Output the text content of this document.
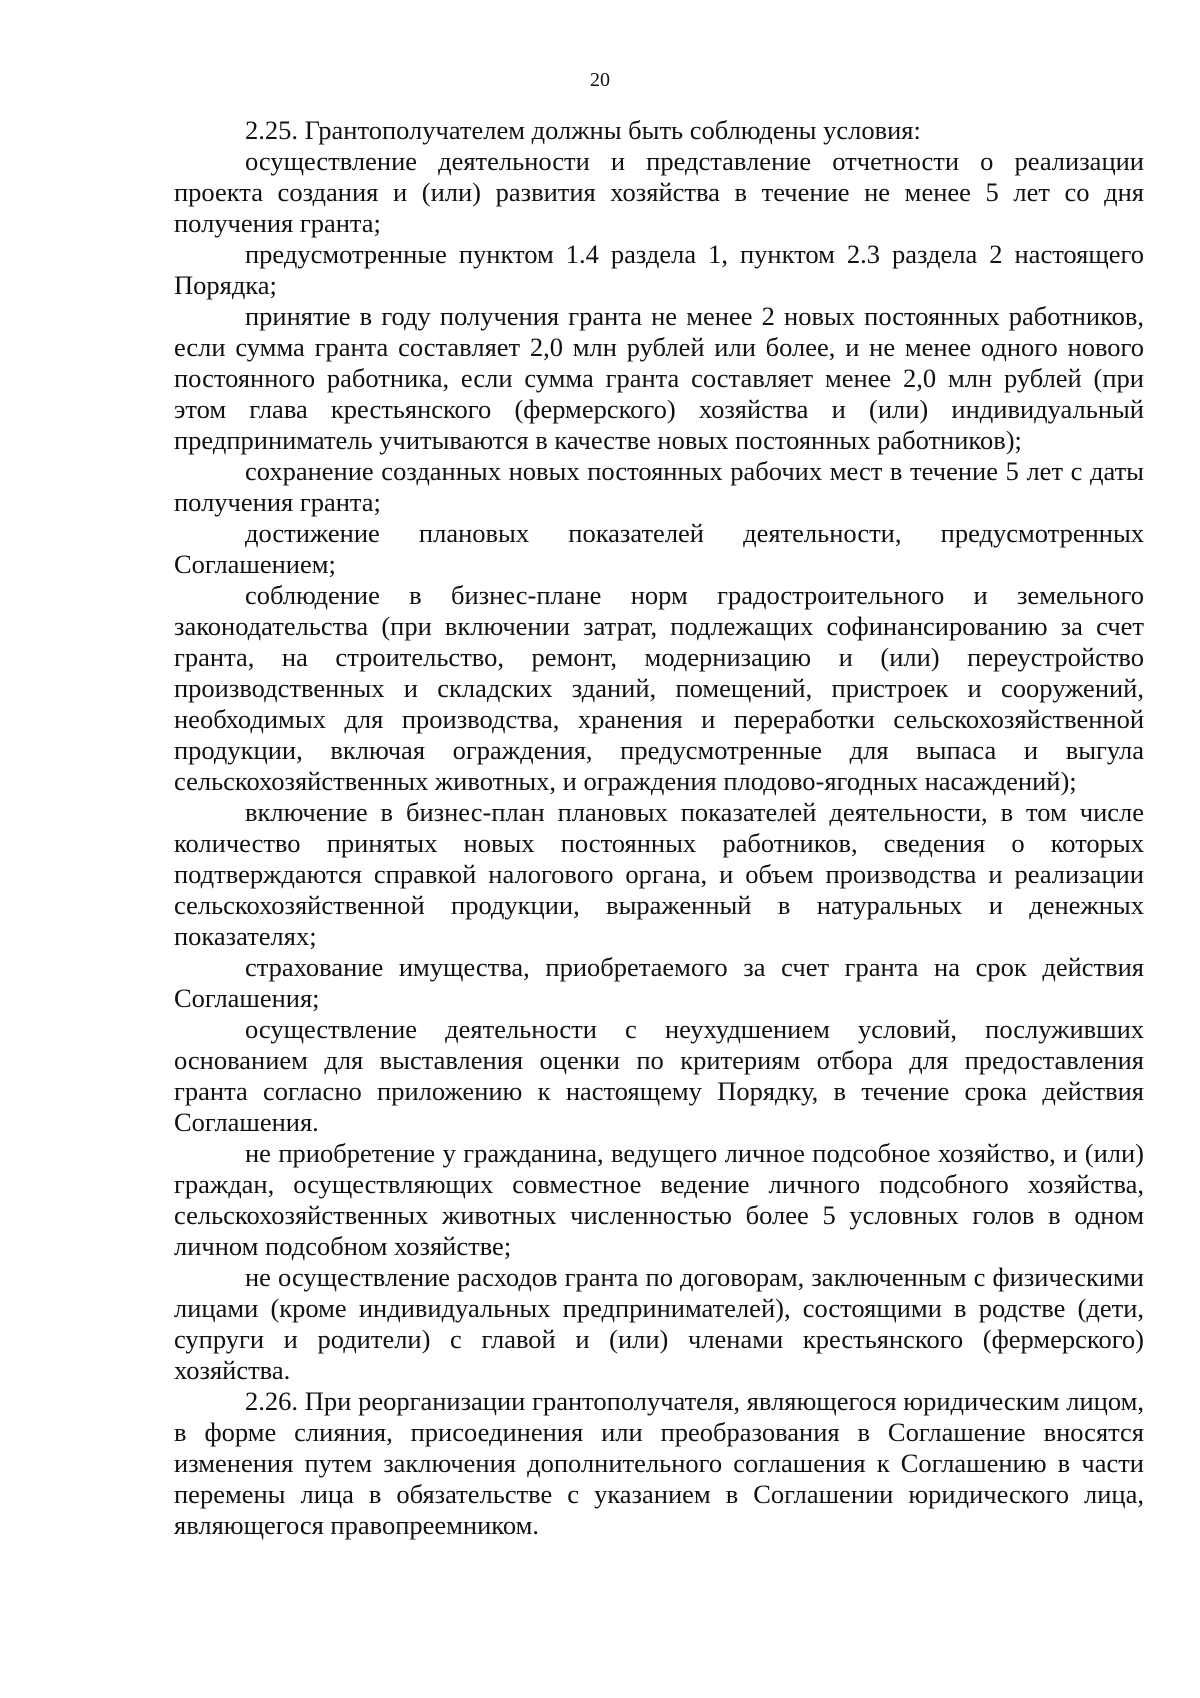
20

2.25. Грантополучателем должны быть соблюдены условия:

осуществление деятельности и представление отчетности о реализации проекта создания и (или) развития хозяйства в течение не менее 5 лет со дня получения гранта;

предусмотренные пунктом 1.4 раздела 1, пунктом 2.3 раздела 2 настоящего Порядка;

принятие в году получения гранта не менее 2 новых постоянных работников, если сумма гранта составляет 2,0 млн рублей или более, и не менее одного нового постоянного работника, если сумма гранта составляет менее 2,0 млн рублей (при этом глава крестьянского (фермерского) хозяйства и (или) индивидуальный предприниматель учитываются в качестве новых постоянных работников);

сохранение созданных новых постоянных рабочих мест в течение 5 лет с даты получения гранта;

достижение плановых показателей деятельности, предусмотренных Соглашением;

соблюдение в бизнес-плане норм градостроительного и земельного законодательства (при включении затрат, подлежащих софинансированию за счет гранта, на строительство, ремонт, модернизацию и (или) переустройство производственных и складских зданий, помещений, пристроек и сооружений, необходимых для производства, хранения и переработки сельскохозяйственной продукции, включая ограждения, предусмотренные для выпаса и выгула сельскохозяйственных животных, и ограждения плодово-ягодных насаждений);

включение в бизнес-план плановых показателей деятельности, в том числе количество принятых новых постоянных работников, сведения о которых подтверждаются справкой налогового органа, и объем производства и реализации сельскохозяйственной продукции, выраженный в натуральных и денежных показателях;

страхование имущества, приобретаемого за счет гранта на срок действия Соглашения;

осуществление деятельности с неухудшением условий, послуживших основанием для выставления оценки по критериям отбора для предоставления гранта согласно приложению к настоящему Порядку, в течение срока действия Соглашения.

не приобретение у гражданина, ведущего личное подсобное хозяйство, и (или) граждан, осуществляющих совместное ведение личного подсобного хозяйства, сельскохозяйственных животных численностью более 5 условных голов в одном личном подсобном хозяйстве;

не осуществление расходов гранта по договорам, заключенным с физическими лицами (кроме индивидуальных предпринимателей), состоящими в родстве (дети, супруги и родители) с главой и (или) членами крестьянского (фермерского) хозяйства.

2.26. При реорганизации грантополучателя, являющегося юридическим лицом, в форме слияния, присоединения или преобразования в Соглашение вносятся изменения путем заключения дополнительного соглашения к Соглашению в части перемены лица в обязательстве с указанием в Соглашении юридического лица, являющегося правопреемником.
